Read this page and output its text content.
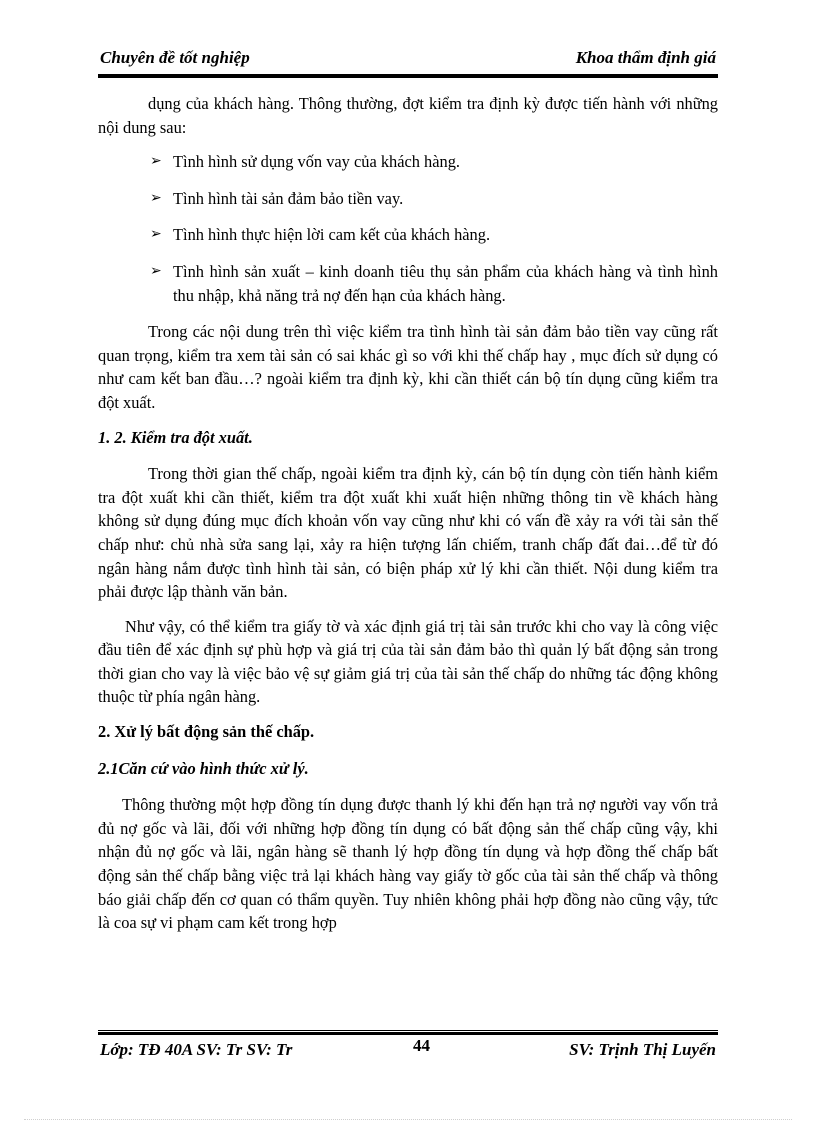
Chuyên đề tốt nghiệp	Khoa thẩm định giá

dụng của khách hàng. Thông thường, đợt kiểm tra định kỳ được tiến hành với những nội dung sau:

➢ Tình hình sử dụng vốn vay của khách hàng.
➢ Tình hình tài sản đảm bảo tiền vay.
➢ Tình hình thực hiện lời cam kết của khách hàng.
➢ Tình hình sản xuất – kinh doanh tiêu thụ sản phẩm của khách hàng và tình hình thu nhập, khả năng trả nợ đến hạn của khách hàng.

Trong các nội dung trên thì việc kiểm tra tình hình tài sản đảm bảo tiền vay cũng rất quan trọng, kiểm tra xem tài sản có sai khác gì so với khi thế chấp hay , mục đích sử dụng có như cam kết ban đầu…? ngoài kiểm tra định kỳ, khi cần thiết cán bộ tín dụng cũng kiểm tra đột xuất.

1. 2. Kiểm tra đột xuất.

Trong thời gian thế chấp, ngoài kiểm tra định kỳ, cán bộ tín dụng còn tiến hành kiểm tra đột xuất khi cần thiết, kiểm tra đột xuất khi xuất hiện những thông tin về khách hàng không sử dụng đúng mục đích khoản vốn vay cũng như khi có vấn đề xảy ra với tài sản thế chấp như: chủ nhà sửa sang lại, xảy ra hiện tượng lấn chiếm, tranh chấp đất đai…để từ đó ngân hàng nắm được tình hình tài sản, có biện pháp xử lý khi cần thiết. Nội dung kiểm tra phải được lập thành văn bản.

Như vậy, có thể kiểm tra giấy tờ và xác định giá trị tài sản trước khi cho vay là công việc đầu tiên để xác định sự phù hợp và giá trị của tài sản đảm bảo thì quản lý bất động sản trong thời gian cho vay là việc bảo vệ sự giảm giá trị của tài sản thế chấp do những tác động không thuộc từ phía ngân hàng.

2. Xử lý bất động sản thế chấp.

2.1Căn cứ vào hình thức xử lý.

Thông thường một hợp đồng tín dụng được thanh lý khi đến hạn trả nợ người vay vốn trả đủ nợ gốc và lãi, đối với những hợp đồng tín dụng có bất động sản thế chấp cũng vậy, khi nhận đủ nợ gốc và lãi, ngân hàng sẽ thanh lý hợp đồng tín dụng và hợp đồng thế chấp bất động sản thế chấp bằng việc trả lại khách hàng vay giấy tờ gốc của tài sản thế chấp và thông báo giải chấp đến cơ quan có thẩm quyền. Tuy nhiên không phải hợp đồng nào cũng vậy, tức là coa sự vi phạm cam kết trong hợp

Lớp: TĐ 40A SV: Tr SV: Tr	44	SV: Trịnh Thị Luyến
